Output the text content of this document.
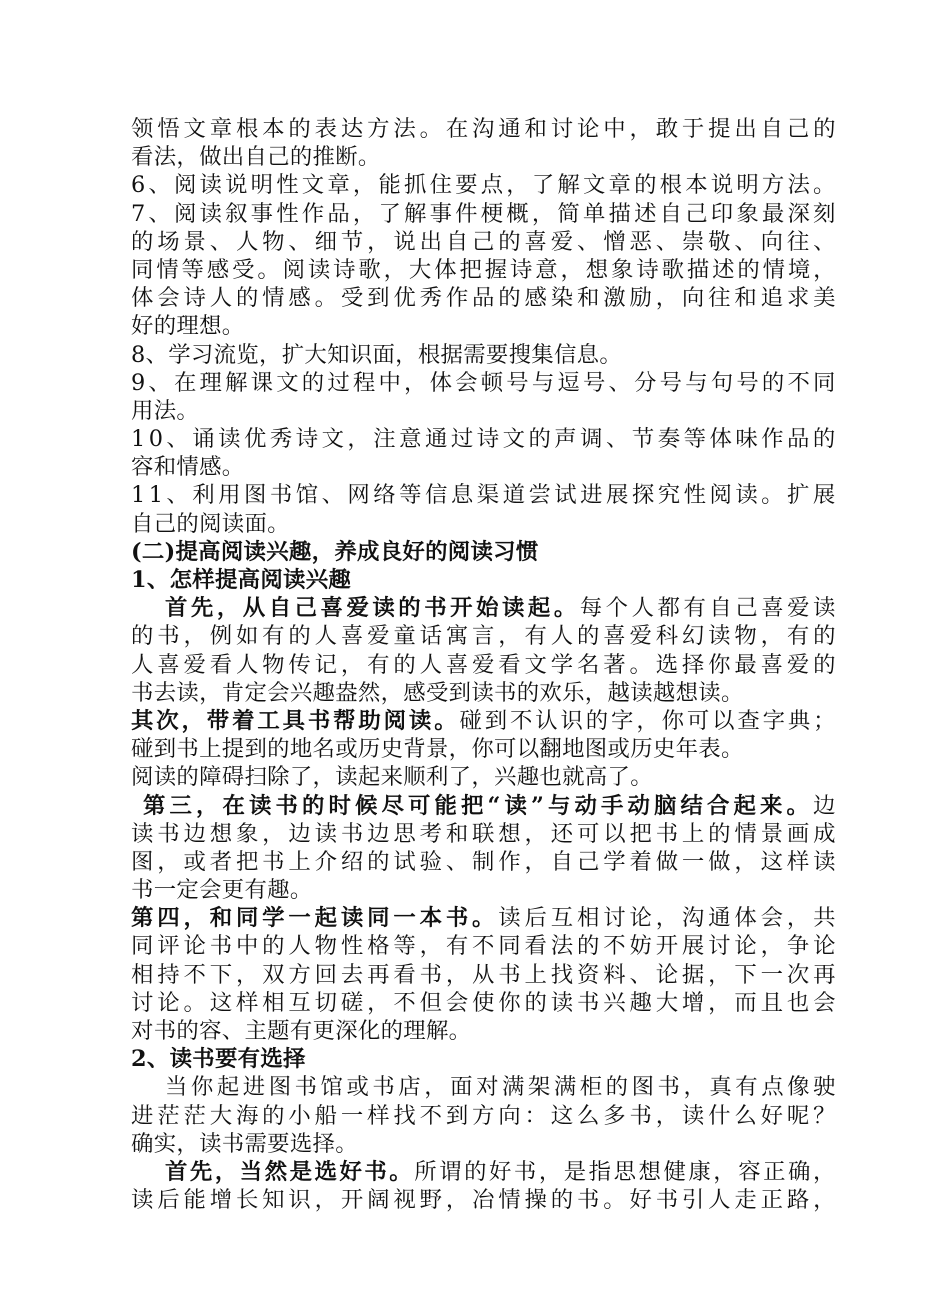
领 悟 文 章 根 本 的 表 达 方 法 。 在 沟 通 和 讨 论 中 ， 敢 于 提 出 自 己 的
看法，做出自己的推断。
6 、 阅 读 说 明 性 文 章 ， 能 抓 住 要 点 ， 了 解 文 章 的 根 本 说 明 方 法 。
7 、 阅 读 叙 事 性 作 品 ， 了 解 事 件 梗 概 ， 简 单 描 述 自 己 印 象 最 深 刻
的 场 景 、 人 物 、 细 节 ， 说 出 自 己 的 喜 爱 、 憎 恶 、 崇 敬 、 向 往 、
同 情 等 感 受 。 阅 读 诗 歌 ， 大 体 把 握 诗 意 ， 想 象 诗 歌 描 述 的 情 境 ，
体 会 诗 人 的 情 感 。 受 到 优 秀 作 品 的 感 染 和 激 励 ， 向 往 和 追 求 美
好的理想。
8、学习流览，扩大知识面，根据需要搜集信息。
9 、 在 理 解 课 文 的 过 程 中 ， 体 会 顿 号 与 逗 号 、 分 号 与 句 号 的 不 同
用法。
1 0 、 诵 读 优 秀 诗 文 ， 注 意 通 过 诗 文 的 声 调 、 节 奏 等 体 味 作 品 的
容和情感。
1 1 、 利 用 图 书 馆 、 网 络 等 信 息 渠 道 尝 试 进 展 探 究 性 阅 读 。 扩 展
自己的阅读面。
(二)提高阅读兴趣，养成良好的阅读习惯
1、怎样提高阅读兴趣
首 先 ， 从 自 己 喜 爱 读 的 书 开 始 读 起 。 每 个 人 都 有 自 己 喜 爱 读
的 书 ， 例 如 有 的 人 喜 爱 童 话 寓 言 ， 有 人 的 喜 爱 科 幻 读 物 ， 有 的
人 喜 爱 看 人 物 传 记 ， 有 的 人 喜 爱 看 文 学 名 著 。 选 择 你 最 喜 爱 的
书去读，肯定会兴趣盎然，感受到读书的欢乐，越读越想读。
其 次 ， 带 着 工 具 书 帮 助 阅 读 。 碰 到 不 认 识 的 字 ， 你 可 以 查 字 典 ；
碰到书上提到的地名或历史背景，你可以翻地图或历史年表。
阅读的障碍扫除了，读起来顺利了，兴趣也就高了。
第 三 ， 在 读 书 的 时 候 尽 可 能 把 “ 读 ” 与 动 手 动 脑 结 合 起 来 。 边
读 书 边 想 象 ， 边 读 书 边 思 考 和 联 想 ， 还 可 以 把 书 上 的 情 景 画 成
图 ， 或 者 把 书 上 介 绍 的 试 验 、 制 作 ， 自 己 学 着 做 一 做 ， 这 样 读
书一定会更有趣。
第 四 ， 和 同 学 一 起 读 同 一 本 书 。 读 后 互 相 讨 论 ， 沟 通 体 会 ， 共
同 评 论 书 中 的 人 物 性 格 等 ， 有 不 同 看 法 的 不 妨 开 展 讨 论 ， 争 论
相 持 不 下 ， 双 方 回 去 再 看 书 ， 从 书 上 找 资 料 、 论 据 ， 下 一 次 再
讨 论 。 这 样 相 互 切 磋 ， 不 但 会 使 你 的 读 书 兴 趣 大 增 ， 而 且 也 会
对书的容、主题有更深化的理解。
2、读书要有选择
当 你 起 进 图 书 馆 或 书 店 ， 面 对 满 架 满 柜 的 图 书 ， 真 有 点 像 驶
进 茫 茫 大 海 的 小 船 一 样 找 不 到 方 向 ： 这 么 多 书 ， 读 什 么 好 呢 ？
确实，读书需要选择。
首 先 ， 当 然 是 选 好 书 。 所 谓 的 好 书 ， 是 指 思 想 健 康 ， 容 正 确 ，
读 后 能 增 长 知 识 ， 开 阔 视 野 ， 冶 情 操 的 书 。 好 书 引 人 走 正 路 ，
